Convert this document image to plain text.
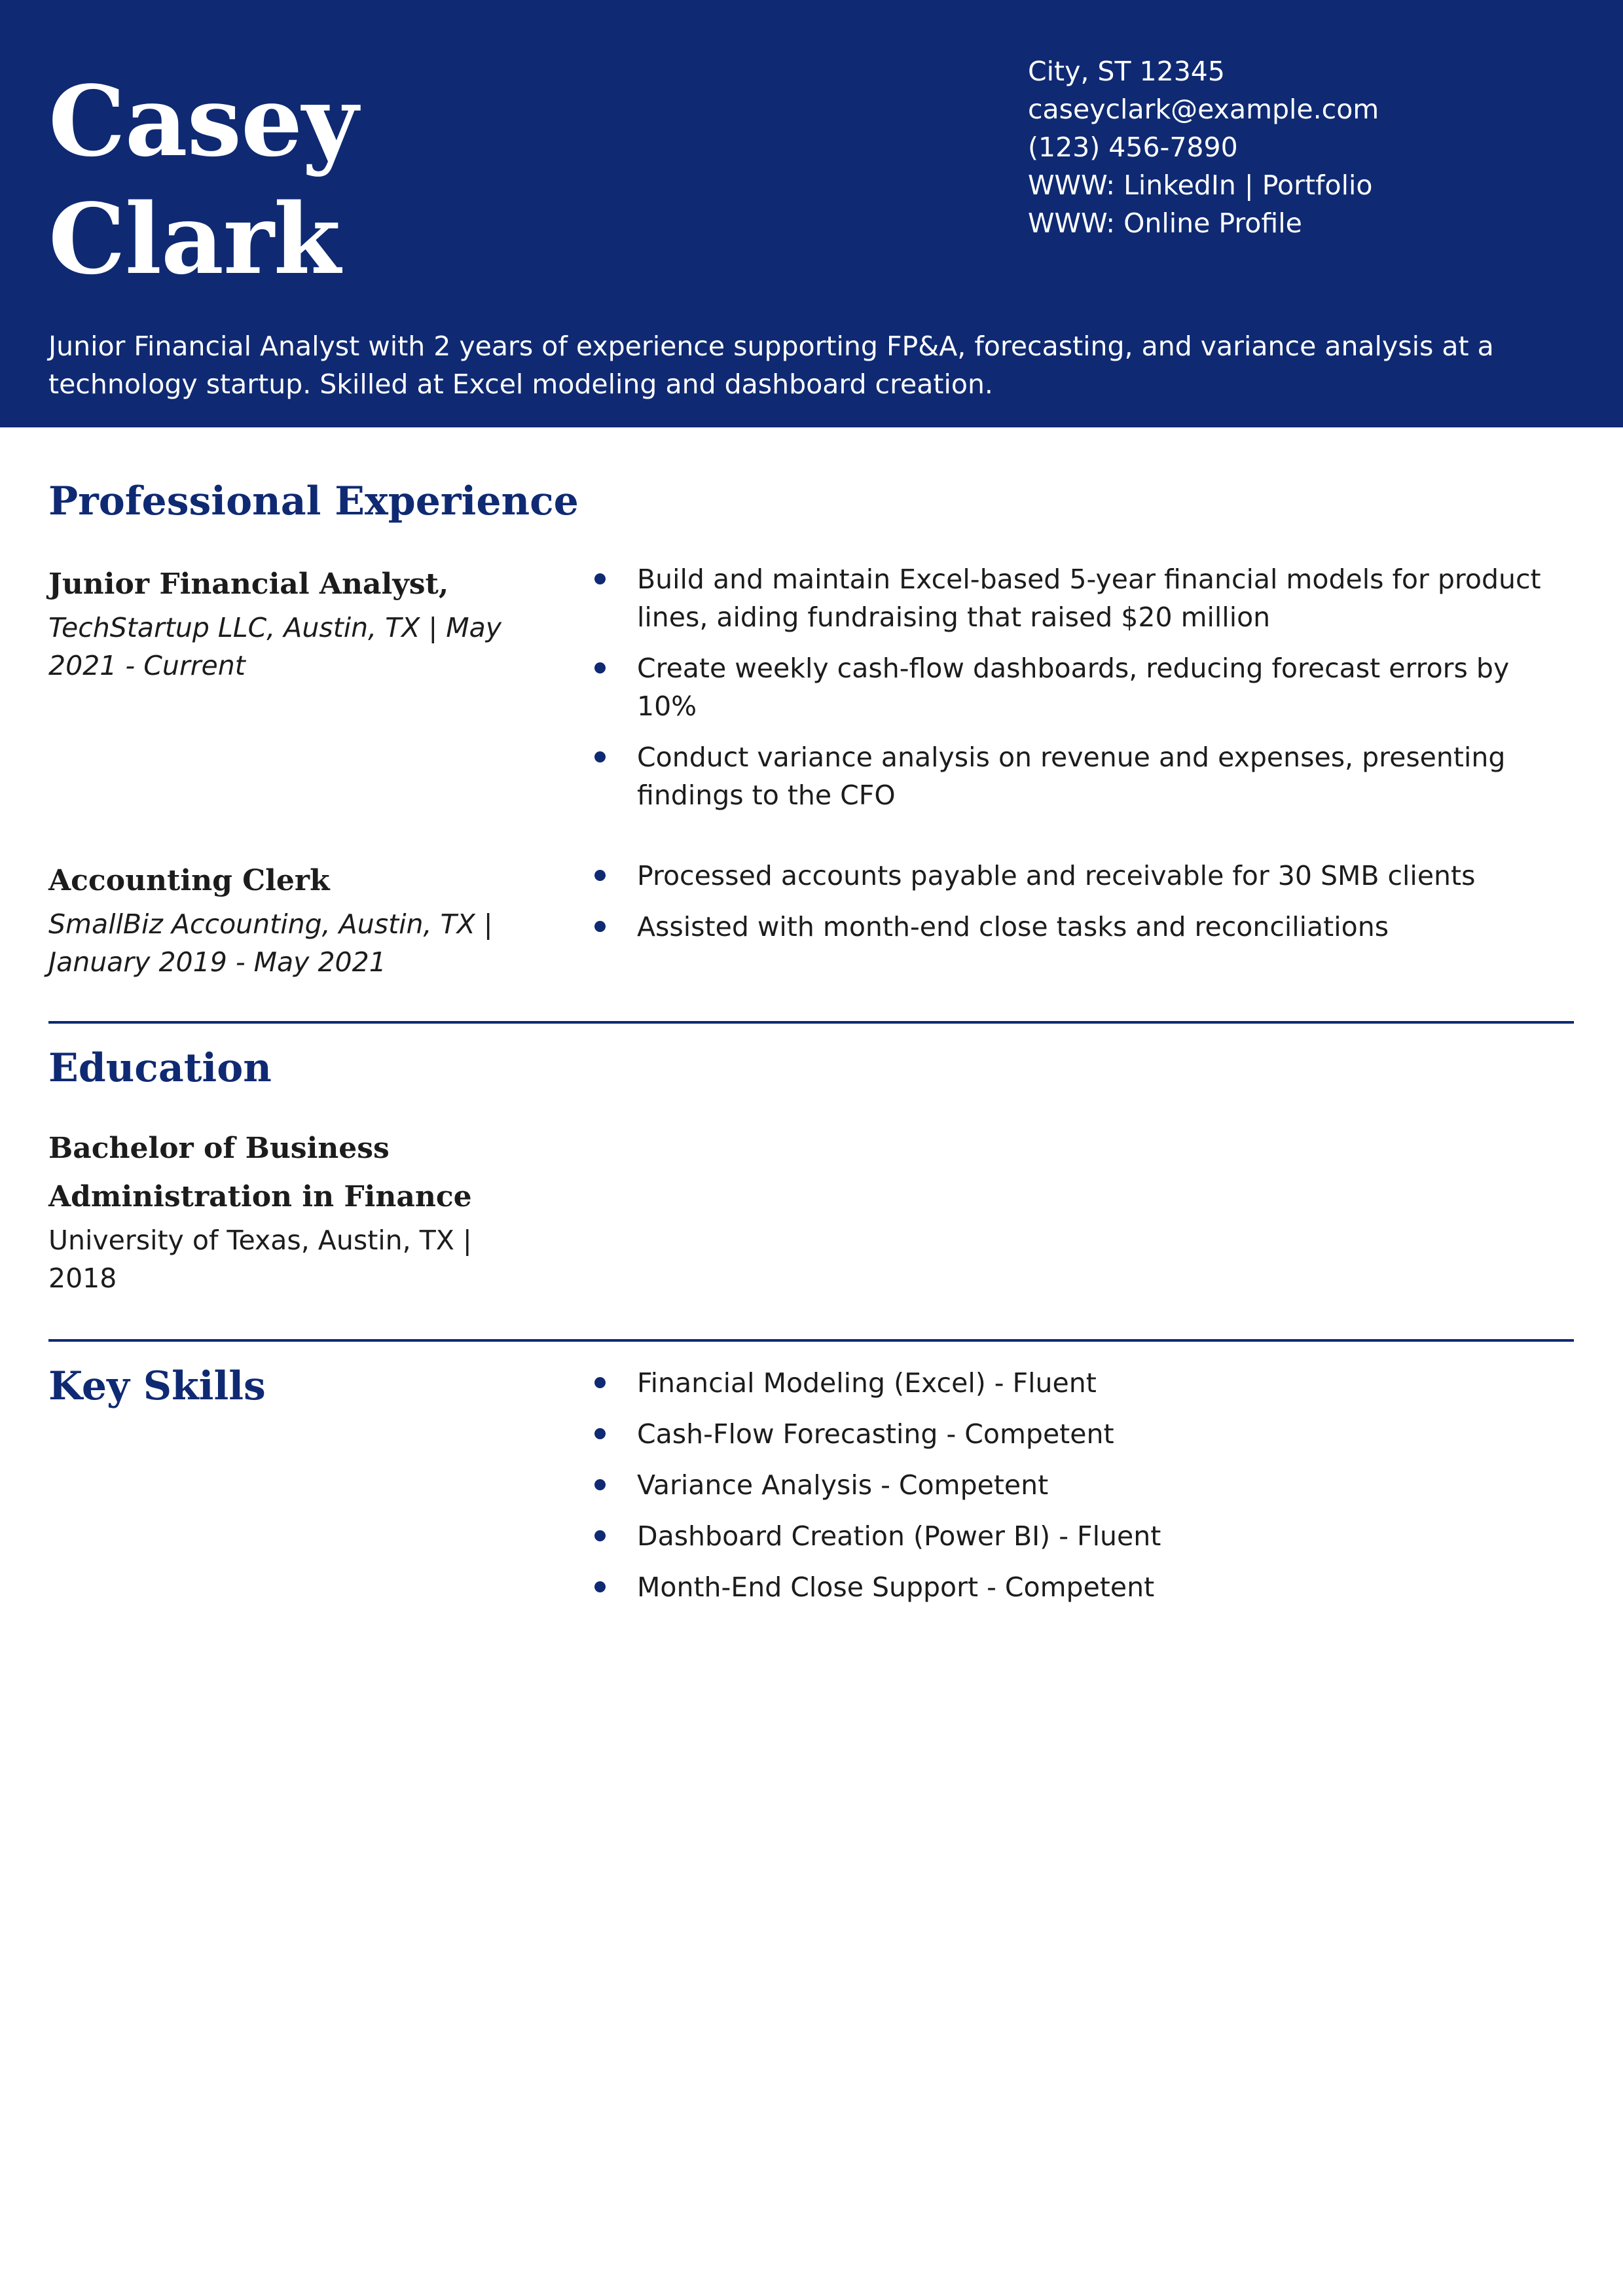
Casey
Clark
City, ST 12345
caseyclark@example.com
(123) 456-7890
WWW: LinkedIn | Portfolio
WWW: Online Profile
Junior Financial Analyst with 2 years of experience supporting FP&A, forecasting, and variance analysis at a technology startup. Skilled at Excel modeling and dashboard creation.
Professional Experience
Junior Financial Analyst,
TechStartup LLC, Austin, TX | May 2021 - Current
Build and maintain Excel-based 5-year financial models for product lines, aiding fundraising that raised $20 million
Create weekly cash-flow dashboards, reducing forecast errors by 10%
Conduct variance analysis on revenue and expenses, presenting findings to the CFO
Accounting Clerk
SmallBiz Accounting, Austin, TX | January 2019 - May 2021
Processed accounts payable and receivable for 30 SMB clients
Assisted with month-end close tasks and reconciliations
Education
Bachelor of Business
Administration in Finance
University of Texas, Austin, TX | 2018
Key Skills	Financial Modeling (Excel) - Fluent
Cash-Flow Forecasting - Competent
Variance Analysis - Competent
Dashboard Creation (Power BI) - Fluent
Month-End Close Support - Competent
